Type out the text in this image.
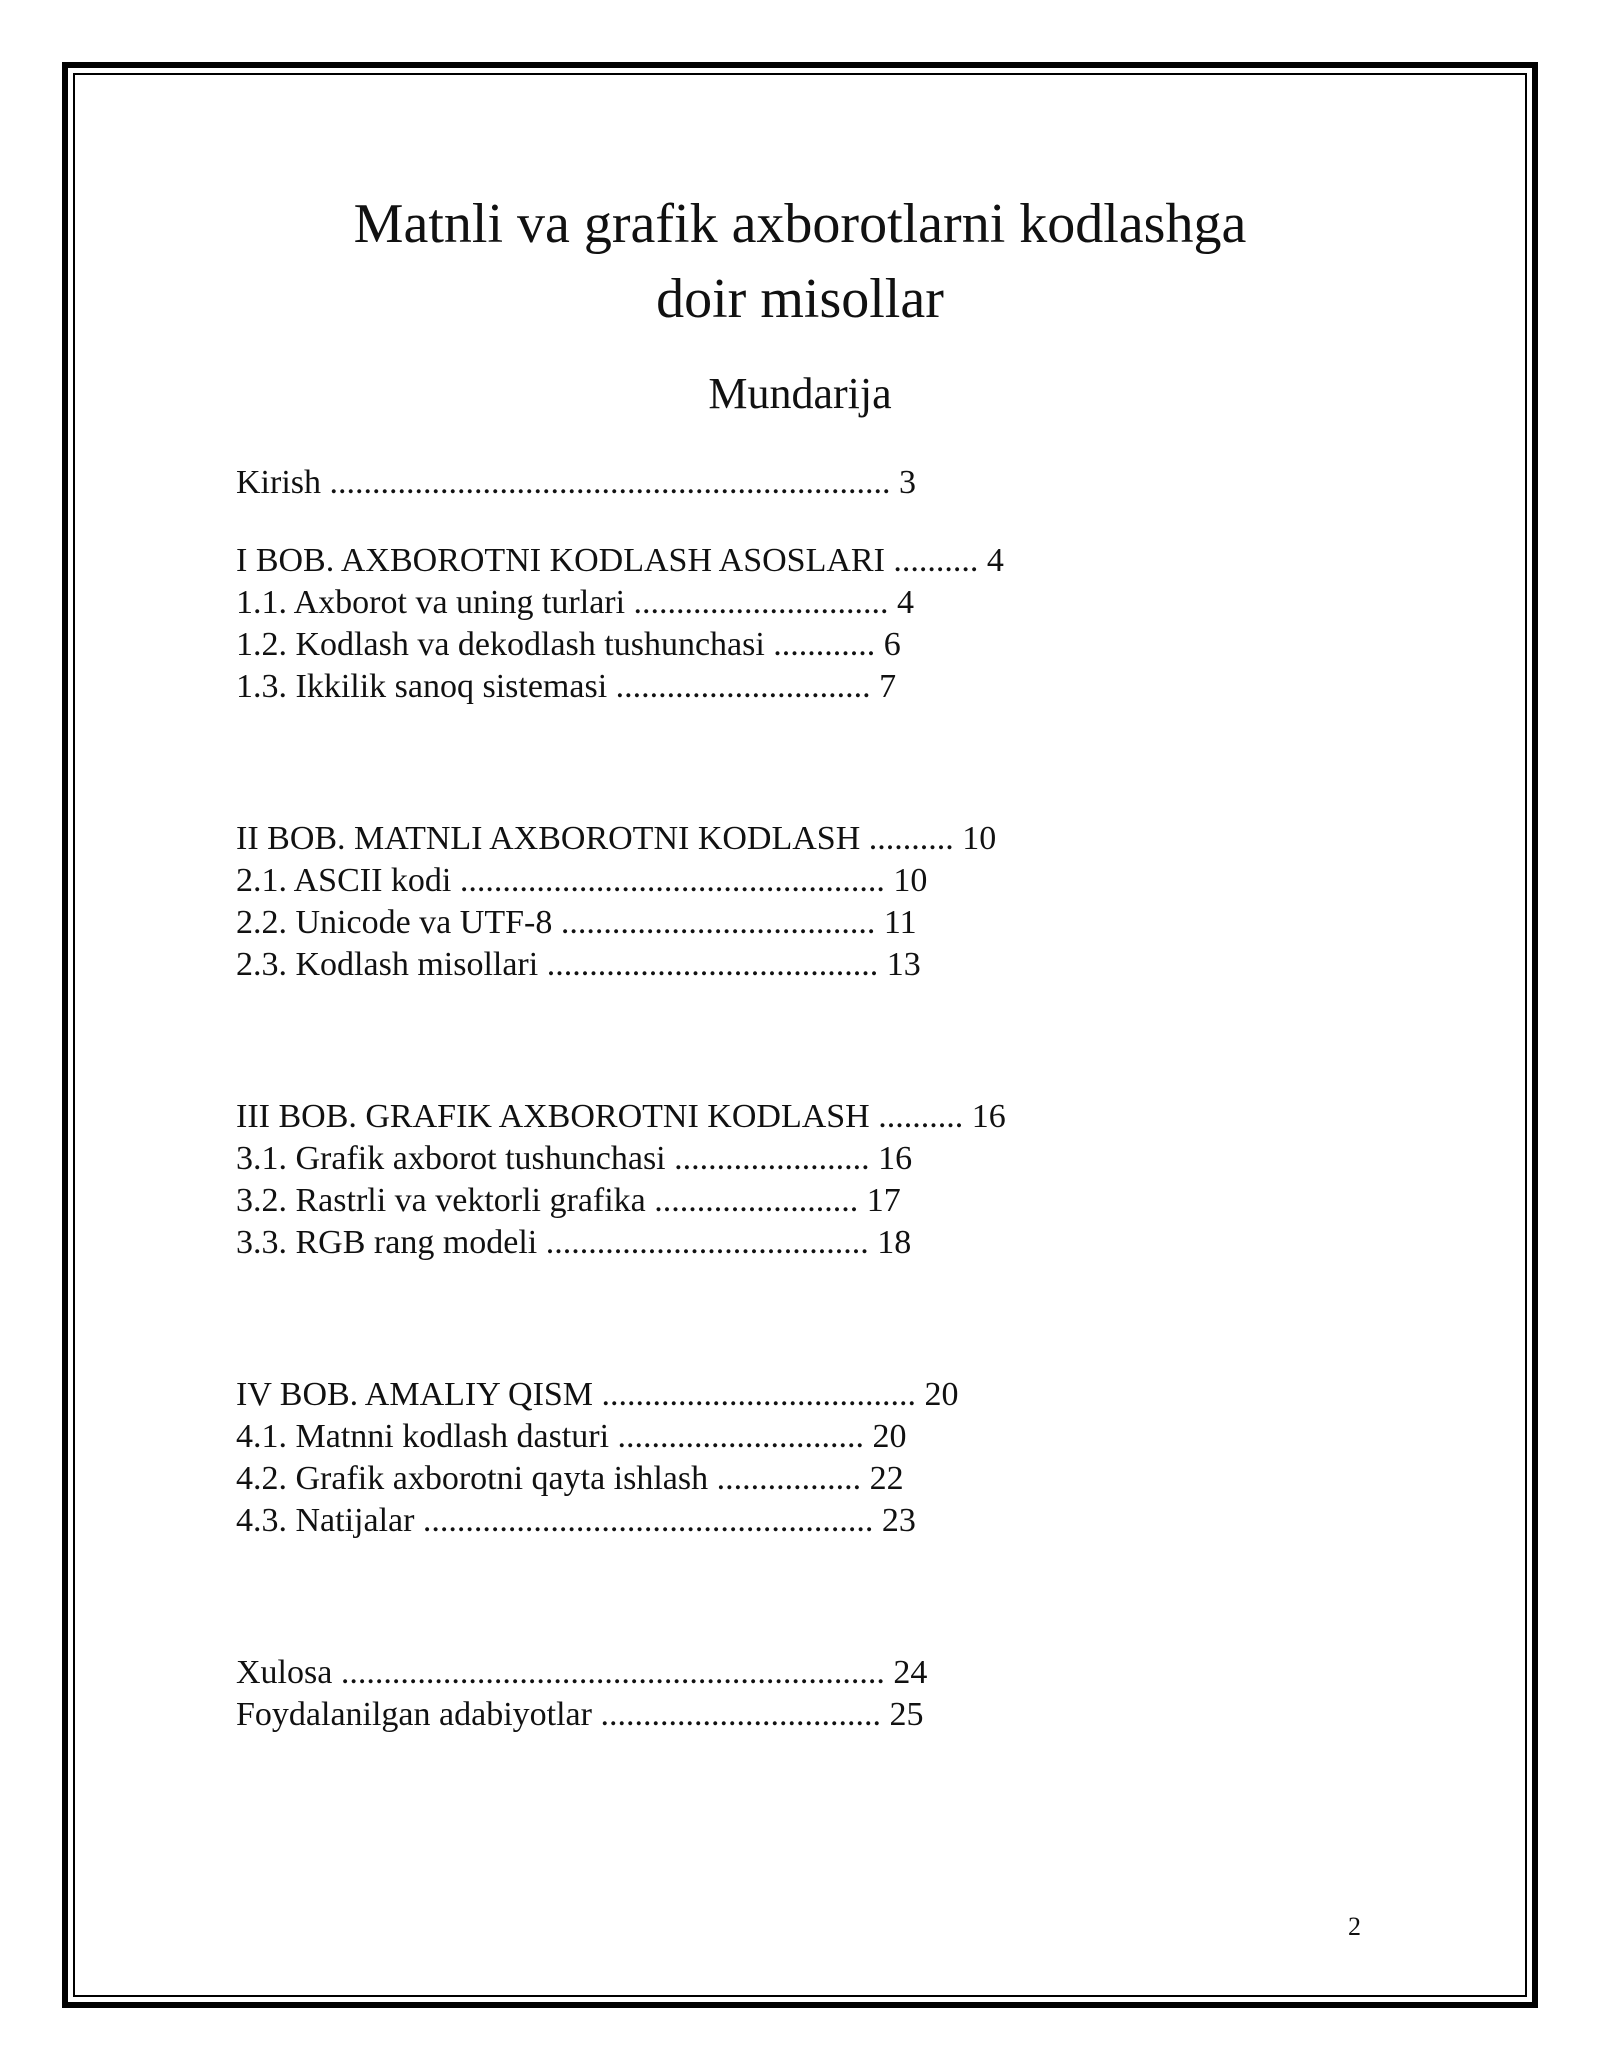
Matnli va grafik axborotlarni kodlashga
doir misollar
Mundarija
Kirish .................................................................. 3
I BOB. AXBOROTNI KODLASH ASOSLARI .......... 4
1.1. Axborot va uning turlari .............................. 4
1.2. Kodlash va dekodlash tushunchasi ............ 6
1.3. Ikkilik sanoq sistemasi .............................. 7
II BOB. MATNLI AXBOROTNI KODLASH .......... 10
2.1. ASCII kodi .................................................. 10
2.2. Unicode va UTF-8 ..................................... 11
2.3. Kodlash misollari ....................................... 13
III BOB. GRAFIK AXBOROTNI KODLASH .......... 16
3.1. Grafik axborot tushunchasi ....................... 16
3.2. Rastrli va vektorli grafika ........................ 17
3.3. RGB rang modeli ...................................... 18
IV BOB. AMALIY QISM ..................................... 20
4.1. Matnni kodlash dasturi ............................. 20
4.2. Grafik axborotni qayta ishlash ................. 22
4.3. Natijalar ..................................................... 23
Xulosa ................................................................ 24
Foydalanilgan adabiyotlar ................................. 25
2
